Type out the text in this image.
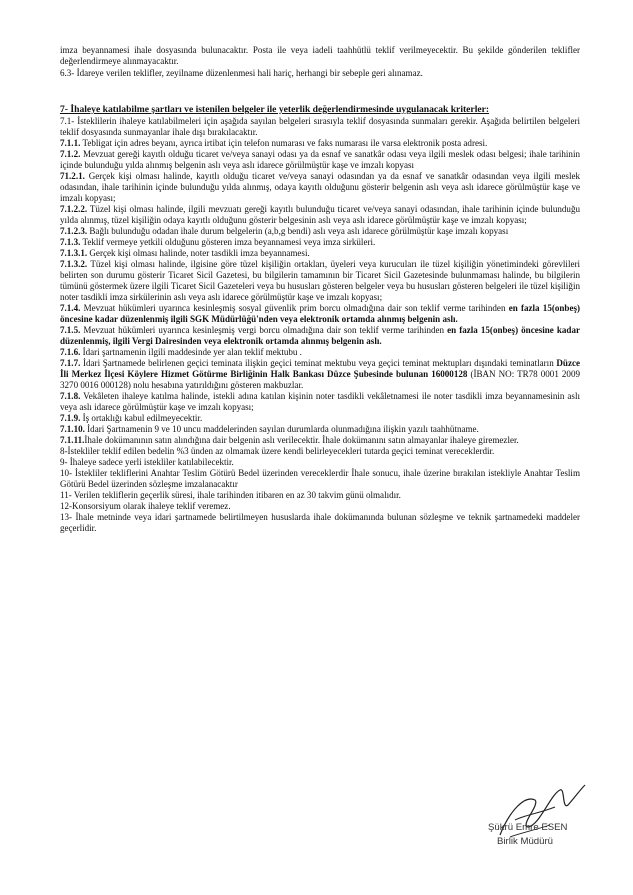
imza beyannamesi ihale dosyasında bulunacaktır. Posta ile veya iadeli taahhütlü teklif verilmeyecektir. Bu şekilde gönderilen teklifler değerlendirmeye alınmayacaktır.

6.3- İdareye verilen teklifler, zeyilname düzenlenmesi hali hariç, herhangi bir sebeple geri alınamaz.

7- İhaleye katılabilme şartları ve istenilen belgeler ile yeterlik değerlendirmesinde uygulanacak kriterler:

7.1- İsteklilerin ihaleye katılabilmeleri için aşağıda sayılan belgeleri sırasıyla teklif dosyasında sunmaları gerekir. Aşağıda belirtilen belgeleri teklif dosyasında sunmayanlar ihale dışı bırakılacaktır.

7.1.1. Tebligat için adres beyanı, ayrıca irtibat için telefon numarası ve faks numarası ile varsa elektronik posta adresi.

7.1.2. Mevzuat gereği kayıtlı olduğu ticaret ve/veya sanayi odası ya da esnaf ve sanatkâr odası veya ilgili meslek odası belgesi; ihale tarihinin içinde bulunduğu yılda alınmış belgenin aslı veya aslı idarece görülmüştür kaşe ve imzalı kopyası

71.2.1. Gerçek kişi olması halinde, kayıtlı olduğu ticaret ve/veya sanayi odasından ya da esnaf ve sanatkâr odasından veya ilgili meslek odasından, ihale tarihinin içinde bulunduğu yılda alınmış, odaya kayıtlı olduğunu gösterir belgenin aslı veya aslı idarece görülmüştür kaşe ve imzalı kopyası;

7.1.2.2. Tüzel kişi olması halinde, ilgili mevzuatı gereği kayıtlı bulunduğu ticaret ve/veya sanayi odasından, ihale tarihinin içinde bulunduğu yılda alınmış, tüzel kişiliğin odaya kayıtlı olduğunu gösterir belgesinin aslı veya aslı idarece görülmüştür kaşe ve imzalı kopyası;

7.1.2.3. Bağlı bulunduğu odadan ihale durum belgelerin (a,b,g bendi) aslı veya aslı idarece görülmüştür kaşe imzalı kopyası

7.1.3. Teklif vermeye yetkili olduğunu gösteren imza beyannamesi veya imza sirküleri.

7.1.3.1. Gerçek kişi olması halinde, noter tasdikli imza beyannamesi.

7.1.3.2. Tüzel kişi olması halinde, ilgisine göre tüzel kişiliğin ortakları, üyeleri veya kurucuları ile tüzel kişiliğin yönetimindeki görevlileri belirten son durumu gösterir Ticaret Sicil Gazetesi, bu bilgilerin tamamının bir Ticaret Sicil Gazetesinde bulunmaması halinde, bu bilgilerin tümünü göstermek üzere ilgili Ticaret Sicil Gazeteleri veya bu hususları gösteren belgeler veya bu hususları gösteren belgeleri ile tüzel kişiliğin noter tasdikli imza sirkülerinin aslı veya aslı idarece görülmüştür kaşe ve imzalı kopyası;

7.1.4. Mevzuat hükümleri uyarınca kesinleşmiş sosyal güvenlik prim borcu olmadığına dair son teklif verme tarihinden en fazla 15(onbeş) öncesine kadar düzenlenmiş ilgili SGK Müdürlüğü'nden veya elektronik ortamda alınmış belgenin aslı.

7.1.5. Mevzuat hükümleri uyarınca kesinleşmiş vergi borcu olmadığına dair son teklif verme tarihinden en fazla 15(onbeş) öncesine kadar düzenlenmiş, ilgili Vergi Dairesinden veya elektronik ortamda alınmış belgenin aslı.

7.1.6. İdari şartnamenin ilgili maddesinde yer alan teklif mektubu .

7.1.7. İdari Şartnamede belirlenen geçici teminata ilişkin geçici teminat mektubu veya geçici teminat mektupları dışındaki teminatların Düzce İli Merkez İlçesi Köylere Hizmet Götürme Birliğinin Halk Bankası Düzce Şubesinde bulunan 16000128 (İBAN NO: TR78 0001 2009 3270 0016 000128) nolu hesabına yatırıldığını gösteren makbuzlar.

7.1.8. Vekâleten ihaleye katılma halinde, istekli adına katılan kişinin noter tasdikli vekâletnamesi ile noter tasdikli imza beyannamesinin aslı veya aslı idarece görülmüştür kaşe ve imzalı kopyası;

7.1.9. İş ortaklığı kabul edilmeyecektir.

7.1.10. İdari Şartnamenin 9 ve 10 uncu maddelerinden sayılan durumlarda olunmadığına ilişkin yazılı taahhütname.

7.1.11.İhale dokümanının satın alındığına dair belgenin aslı verilecektir. İhale dokümanını satın almayanlar ihaleye giremezler.

8-İstekliler teklif edilen bedelin %3 ünden az olmamak üzere kendi belirleyecekleri tutarda geçici teminat vereceklerdir.

9- İhaleye sadece yerli istekliler katılabilecektir.

10- İstekliler tekliflerini Anahtar Teslim Götürü Bedel üzerinden vereceklerdir İhale sonucu, ihale üzerine bırakılan istekliyle Anahtar Teslim Götürü Bedel üzerinden sözleşme imzalanacaktır

11- Verilen tekliflerin geçerlik süresi, ihale tarihinden itibaren en az 30 takvim günü olmalıdır.

12-Konsorsiyum olarak ihaleye teklif veremez.

13- İhale metninde veya idari şartnamede belirtilmeyen hususlarda ihale dokümanında bulunan sözleşme ve teknik şartnamedeki maddeler geçerlidir.

Şükrü Emre ESEN
Birlik Müdürü
